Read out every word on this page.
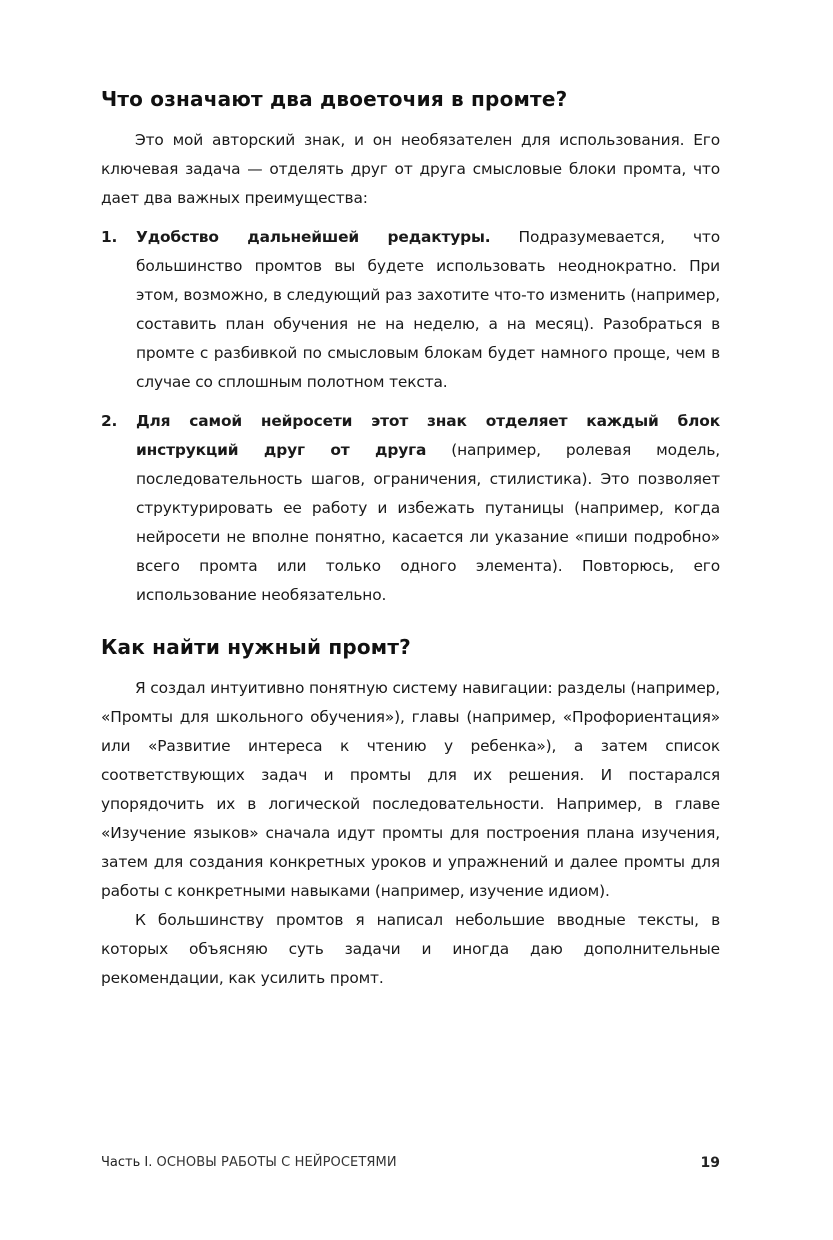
Что означают два двоеточия в промте?

Это мой авторский знак, и он необязателен для использования. Его ключевая задача — отделять друг от друга смысловые блоки промта, что дает два важных преимущества:

1. Удобство дальнейшей редактуры. Подразумевается, что большинство промтов вы будете использовать неоднократно. При этом, возможно, в следующий раз захотите что-то изменить (например, составить план обучения не на неделю, а на месяц). Разобраться в промте с разбивкой по смысловым блокам будет намного проще, чем в случае со сплошным полотном текста.
2. Для самой нейросети этот знак отделяет каждый блок инструкций друг от друга (например, ролевая модель, последовательность шагов, ограничения, стилистика). Это позволяет структурировать ее работу и избежать путаницы (например, когда нейросети не вполне понятно, касается ли указание «пиши подробно» всего промта или только одного элемента). Повторюсь, его использование необязательно.
Как найти нужный промт?

Я создал интуитивно понятную систему навигации: разделы (например, «Промты для школьного обучения»), главы (например, «Профориентация» или «Развитие интереса к чтению у ребенка»), а затем список соответствующих задач и промты для их решения. И постарался упорядочить их в логической последовательности. Например, в главе «Изучение языков» сначала идут промты для построения плана изучения, затем для создания конкретных уроков и упражнений и далее промты для работы с конкретными навыками (например, изучение идиом).

К большинству промтов я написал небольшие вводные тексты, в которых объясняю суть задачи и иногда даю дополнительные рекомендации, как усилить промт.

Часть I. ОСНОВЫ РАБОТЫ С НЕЙРОСЕТЯМИ	19
